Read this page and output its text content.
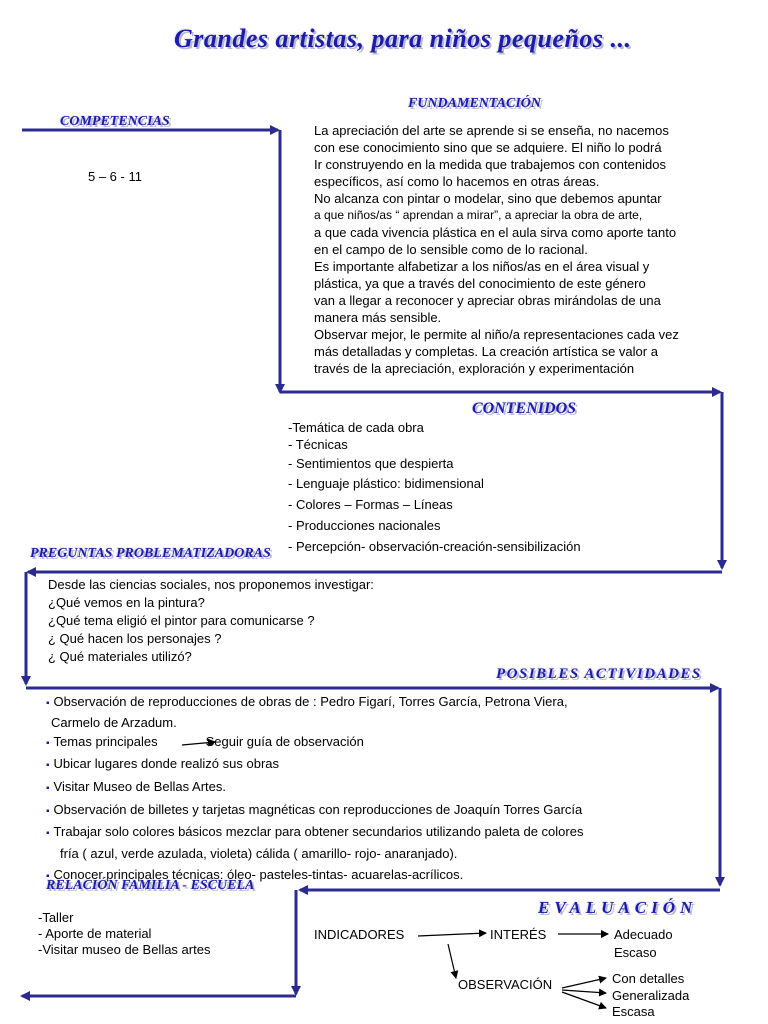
Grandes artistas, para niños pequeños ...
COMPETENCIAS
5 – 6 - 11
FUNDAMENTACIÓN
La apreciación del arte se aprende si se enseña, no nacemos
con ese conocimiento sino que se adquiere. El niño lo podrá
Ir construyendo en la medida que trabajemos con contenidos
específicos, así como lo hacemos en otras áreas.
No alcanza con pintar o modelar, sino que debemos apuntar
a que niños/as “ aprendan a mirar”, a apreciar la obra de arte,
a que cada vivencia plástica en el aula sirva como aporte tanto
en el campo de lo sensible como de lo racional.
Es importante alfabetizar a los niños/as en el área visual y
plástica, ya que a través del conocimiento de este género
van a llegar a reconocer y apreciar obras mirándolas de una
manera más sensible.
Observar mejor, le permite al niño/a representaciones cada vez
más detalladas y completas. La creación artística se valor a
través de la apreciación, exploración y experimentación
CONTENIDOS
-Temática de cada obra
- Técnicas
- Sentimientos que despierta
- Lenguaje plástico: bidimensional
- Colores – Formas – Líneas
- Producciones nacionales
- Percepción- observación-creación-sensibilización
PREGUNTAS PROBLEMATIZADORAS
Desde las ciencias sociales, nos proponemos investigar:
¿Qué vemos en la pintura?
¿Qué tema eligió el pintor para comunicarse ?
¿ Qué hacen los personajes ?
¿ Qué materiales utilizó?
POSIBLES ACTIVIDADES
▪ Observación de reproducciones de obras de : Pedro Figarí, Torres García, Petrona Viera,
Carmelo de Arzadum.
▪ Temas principales	Seguir guía de observación
▪ Ubicar lugares donde realizó sus obras
▪ Visitar Museo de Bellas Artes.
▪ Observación de billetes y tarjetas magnéticas con reproducciones de Joaquín Torres García
▪ Trabajar solo colores básicos mezclar para obtener secundarios utilizando paleta de colores
fría ( azul, verde azulada, violeta) cálida ( amarillo- rojo- anaranjado).
▪ Conocer principales técnicas: óleo- pasteles-tintas- acuarelas-acrílicos.
RELACIÓN FAMILIA - ESCUELA
-Taller
- Aporte de material
-Visitar museo de Bellas artes
EVALUACIÓN
INDICADORES	INTERÉS	Adecuado
Escaso
OBSERVACIÓN	Con detalles
Generalizada
Escasa
